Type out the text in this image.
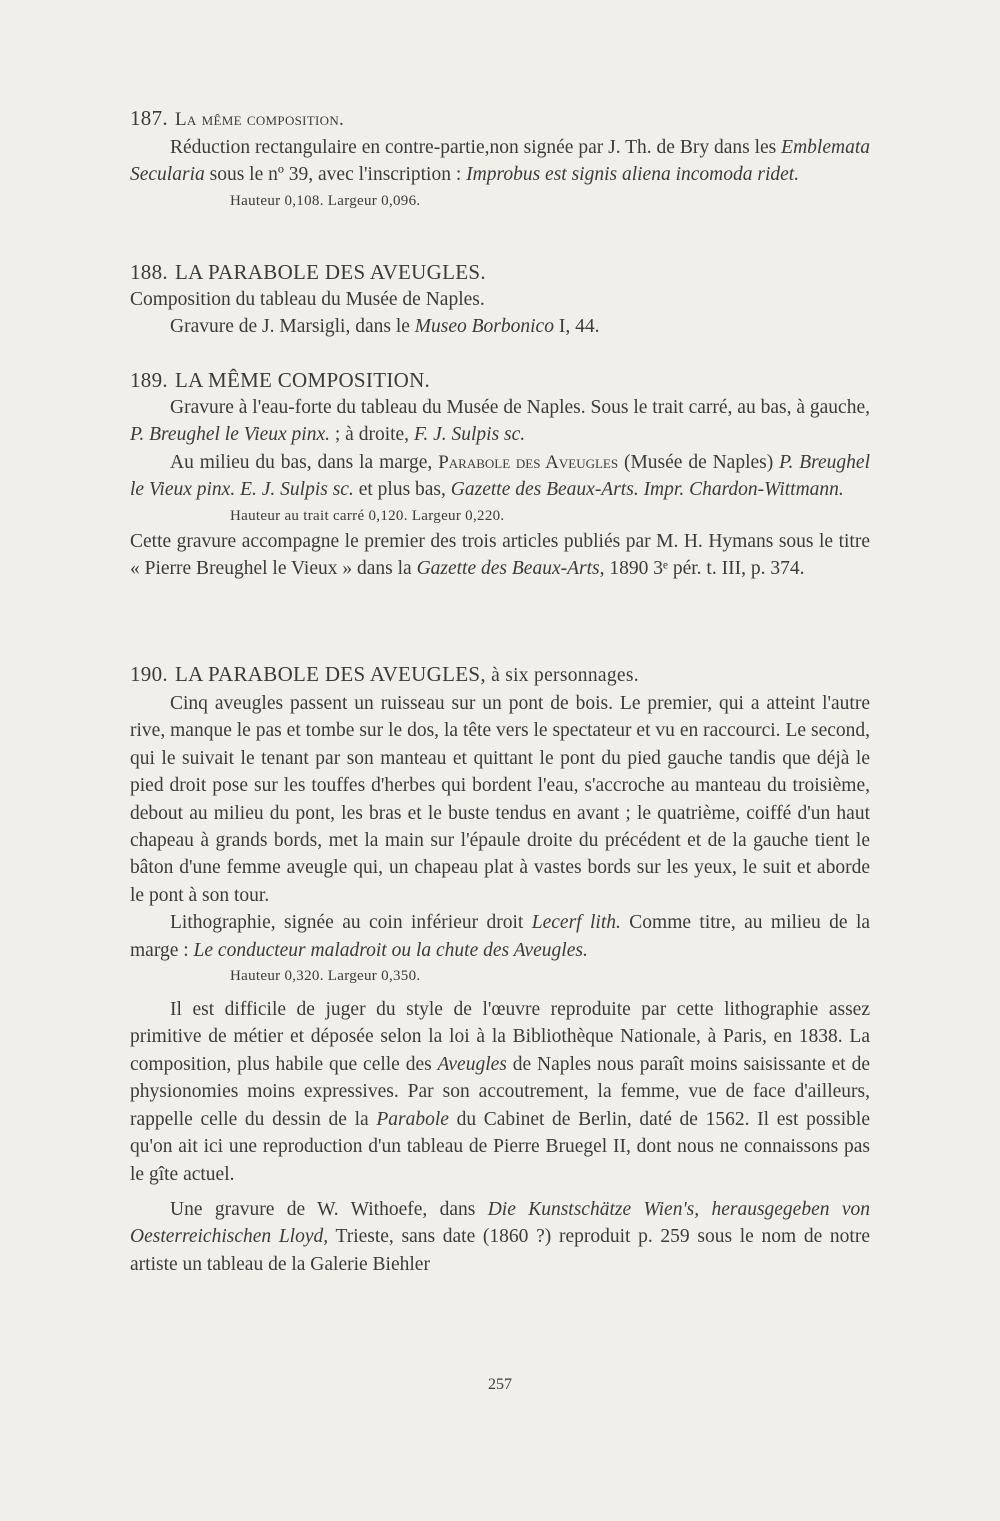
187. La même composition.

Réduction rectangulaire en contre-partie,non signée par J. Th. de Bry dans les Emblemata Secularia sous le nº 39, avec l'inscription : Improbus est signis aliena incomoda ridet.

Hauteur 0,108. Largeur 0,096.
188. LA PARABOLE DES AVEUGLES.

Composition du tableau du Musée de Naples.

Gravure de J. Marsigli, dans le Museo Borbonico I, 44.

189. LA MÊME COMPOSITION.

Gravure à l'eau-forte du tableau du Musée de Naples. Sous le trait carré, au bas, à gauche, P. Breughel le Vieux pinx. ; à droite, F. J. Sulpis sc.

Au milieu du bas, dans la marge, Parabole des Aveugles (Musée de Naples) P. Breughel le Vieux pinx. E. J. Sulpis sc. et plus bas, Gazette des Beaux-Arts. Impr. Chardon-Wittmann.

Hauteur au trait carré 0,120. Largeur 0,220.

Cette gravure accompagne le premier des trois articles publiés par M. H. Hymans sous le titre « Pierre Breughel le Vieux » dans la Gazette des Beaux-Arts, 1890 3ᵉ pér. t. III, p. 374.

190. LA PARABOLE DES AVEUGLES, à six personnages.

Cinq aveugles passent un ruisseau sur un pont de bois. Le premier, qui a atteint l'autre rive, manque le pas et tombe sur le dos, la tête vers le spectateur et vu en raccourci. Le second, qui le suivait le tenant par son manteau et quittant le pont du pied gauche tandis que déjà le pied droit pose sur les touffes d'herbes qui bordent l'eau, s'accroche au manteau du troisième, debout au milieu du pont, les bras et le buste tendus en avant ; le quatrième, coiffé d'un haut chapeau à grands bords, met la main sur l'épaule droite du précédent et de la gauche tient le bâton d'une femme aveugle qui, un chapeau plat à vastes bords sur les yeux, le suit et aborde le pont à son tour.

Lithographie, signée au coin inférieur droit Lecerf lith. Comme titre, au milieu de la marge : Le conducteur maladroit ou la chute des Aveugles.

Hauteur 0,320. Largeur 0,350.

Il est difficile de juger du style de l'œuvre reproduite par cette lithographie assez primitive de métier et déposée selon la loi à la Bibliothèque Nationale, à Paris, en 1838. La composition, plus habile que celle des Aveugles de Naples nous paraît moins saisissante et de physionomies moins expressives. Par son accoutrement, la femme, vue de face d'ailleurs, rappelle celle du dessin de la Parabole du Cabinet de Berlin, daté de 1562. Il est possible qu'on ait ici une reproduction d'un tableau de Pierre Bruegel II, dont nous ne connaissons pas le gîte actuel.

Une gravure de W. Withoefe, dans Die Kunstschätze Wien's, herausgegeben von Oesterreichischen Lloyd, Trieste, sans date (1860 ?) reproduit p. 259 sous le nom de notre artiste un tableau de la Galerie Biehler

257
